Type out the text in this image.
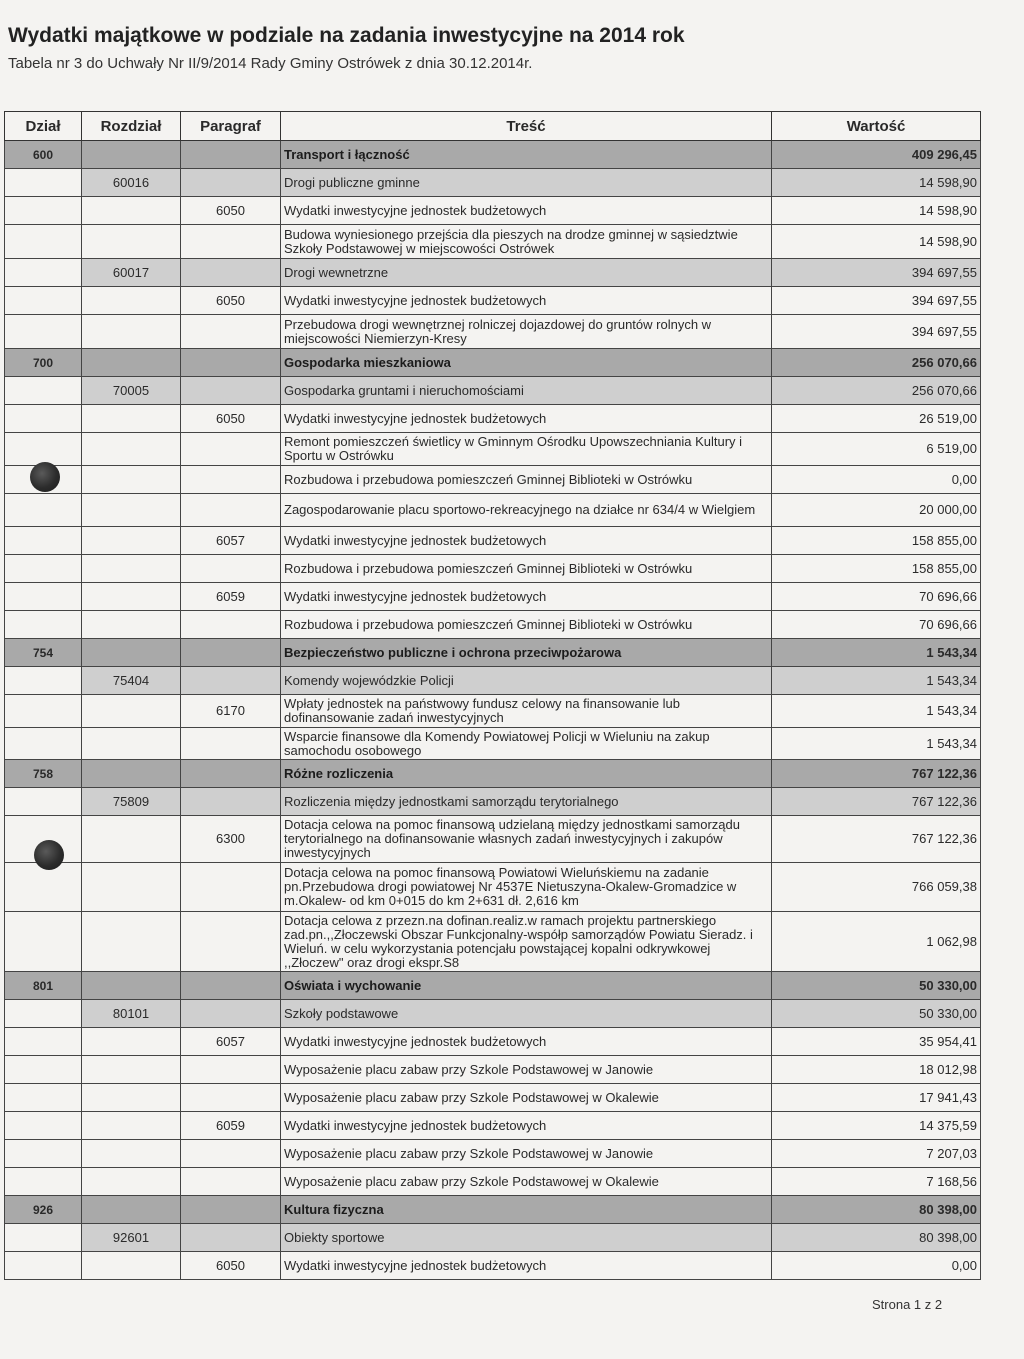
Wydatki majątkowe w podziale na zadania inwestycyjne na 2014 rok
Tabela nr 3 do Uchwały Nr II/9/2014 Rady Gminy Ostrówek z dnia 30.12.2014r.
Dział	Rozdział	Paragraf	Treść	Wartość
600			Transport i łączność	409 296,45
	60016		Drogi publiczne gminne	14 598,90
		6050	Wydatki inwestycyjne jednostek budżetowych	14 598,90
			Budowa wyniesionego przejścia dla pieszych na drodze gminnej w sąsiedztwie Szkoły Podstawowej w miejscowości Ostrówek	14 598,90
	60017		Drogi wewnetrzne	394 697,55
		6050	Wydatki inwestycyjne jednostek budżetowych	394 697,55
			Przebudowa drogi wewnętrznej rolniczej dojazdowej do gruntów rolnych w miejscowości Niemierzyn-Kresy	394 697,55
700			Gospodarka mieszkaniowa	256 070,66
	70005		Gospodarka gruntami i nieruchomościami	256 070,66
		6050	Wydatki inwestycyjne jednostek budżetowych	26 519,00
			Remont pomieszczeń świetlicy w Gminnym Ośrodku Upowszechniania Kultury i Sportu w Ostrówku	6 519,00
			Rozbudowa i przebudowa pomieszczeń Gminnej Biblioteki w Ostrówku	0,00
			Zagospodarowanie placu sportowo-rekreacyjnego na działce nr 634/4 w Wielgiem	20 000,00
		6057	Wydatki inwestycyjne jednostek budżetowych	158 855,00
			Rozbudowa i przebudowa pomieszczeń Gminnej Biblioteki w Ostrówku	158 855,00
		6059	Wydatki inwestycyjne jednostek budżetowych	70 696,66
			Rozbudowa i przebudowa pomieszczeń Gminnej Biblioteki w Ostrówku	70 696,66
754			Bezpieczeństwo publiczne i ochrona przeciwpożarowa	1 543,34
	75404		Komendy wojewódzkie Policji	1 543,34
		6170	Wpłaty jednostek na państwowy fundusz celowy na finansowanie lub dofinansowanie zadań inwestycyjnych	1 543,34
			Wsparcie finansowe dla Komendy Powiatowej Policji w Wieluniu na zakup samochodu osobowego	1 543,34
758			Różne rozliczenia	767 122,36
	75809		Rozliczenia między jednostkami samorządu terytorialnego	767 122,36
		6300	Dotacja celowa na pomoc finansową udzielaną między jednostkami samorządu terytorialnego na dofinansowanie własnych zadań inwestycyjnych i zakupów inwestycyjnych	767 122,36
			Dotacja celowa na pomoc finansową Powiatowi Wieluńskiemu na zadanie pn.Przebudowa drogi powiatowej Nr 4537E Nietuszyna-Okalew-Gromadzice w m.Okalew- od km 0+015 do km 2+631 dł. 2,616 km	766 059,38
			Dotacja celowa z przezn.na dofinan.realiz.w ramach projektu partnerskiego zad.pn.,,Złoczewski Obszar Funkcjonalny-współp samorządów Powiatu Sieradz. i Wieluń. w celu wykorzystania potencjału powstającej kopalni odkrywkowej ,,Złoczew" oraz drogi ekspr.S8	1 062,98
801			Oświata i wychowanie	50 330,00
	80101		Szkoły podstawowe	50 330,00
		6057	Wydatki inwestycyjne jednostek budżetowych	35 954,41
			Wyposażenie placu zabaw przy Szkole Podstawowej w Janowie	18 012,98
			Wyposażenie placu zabaw przy Szkole Podstawowej w Okalewie	17 941,43
		6059	Wydatki inwestycyjne jednostek budżetowych	14 375,59
			Wyposażenie placu zabaw przy Szkole Podstawowej w Janowie	7 207,03
			Wyposażenie placu zabaw przy Szkole Podstawowej w Okalewie	7 168,56
926			Kultura fizyczna	80 398,00
	92601		Obiekty sportowe	80 398,00
		6050	Wydatki inwestycyjne jednostek budżetowych	0,00
Strona 1 z 2
